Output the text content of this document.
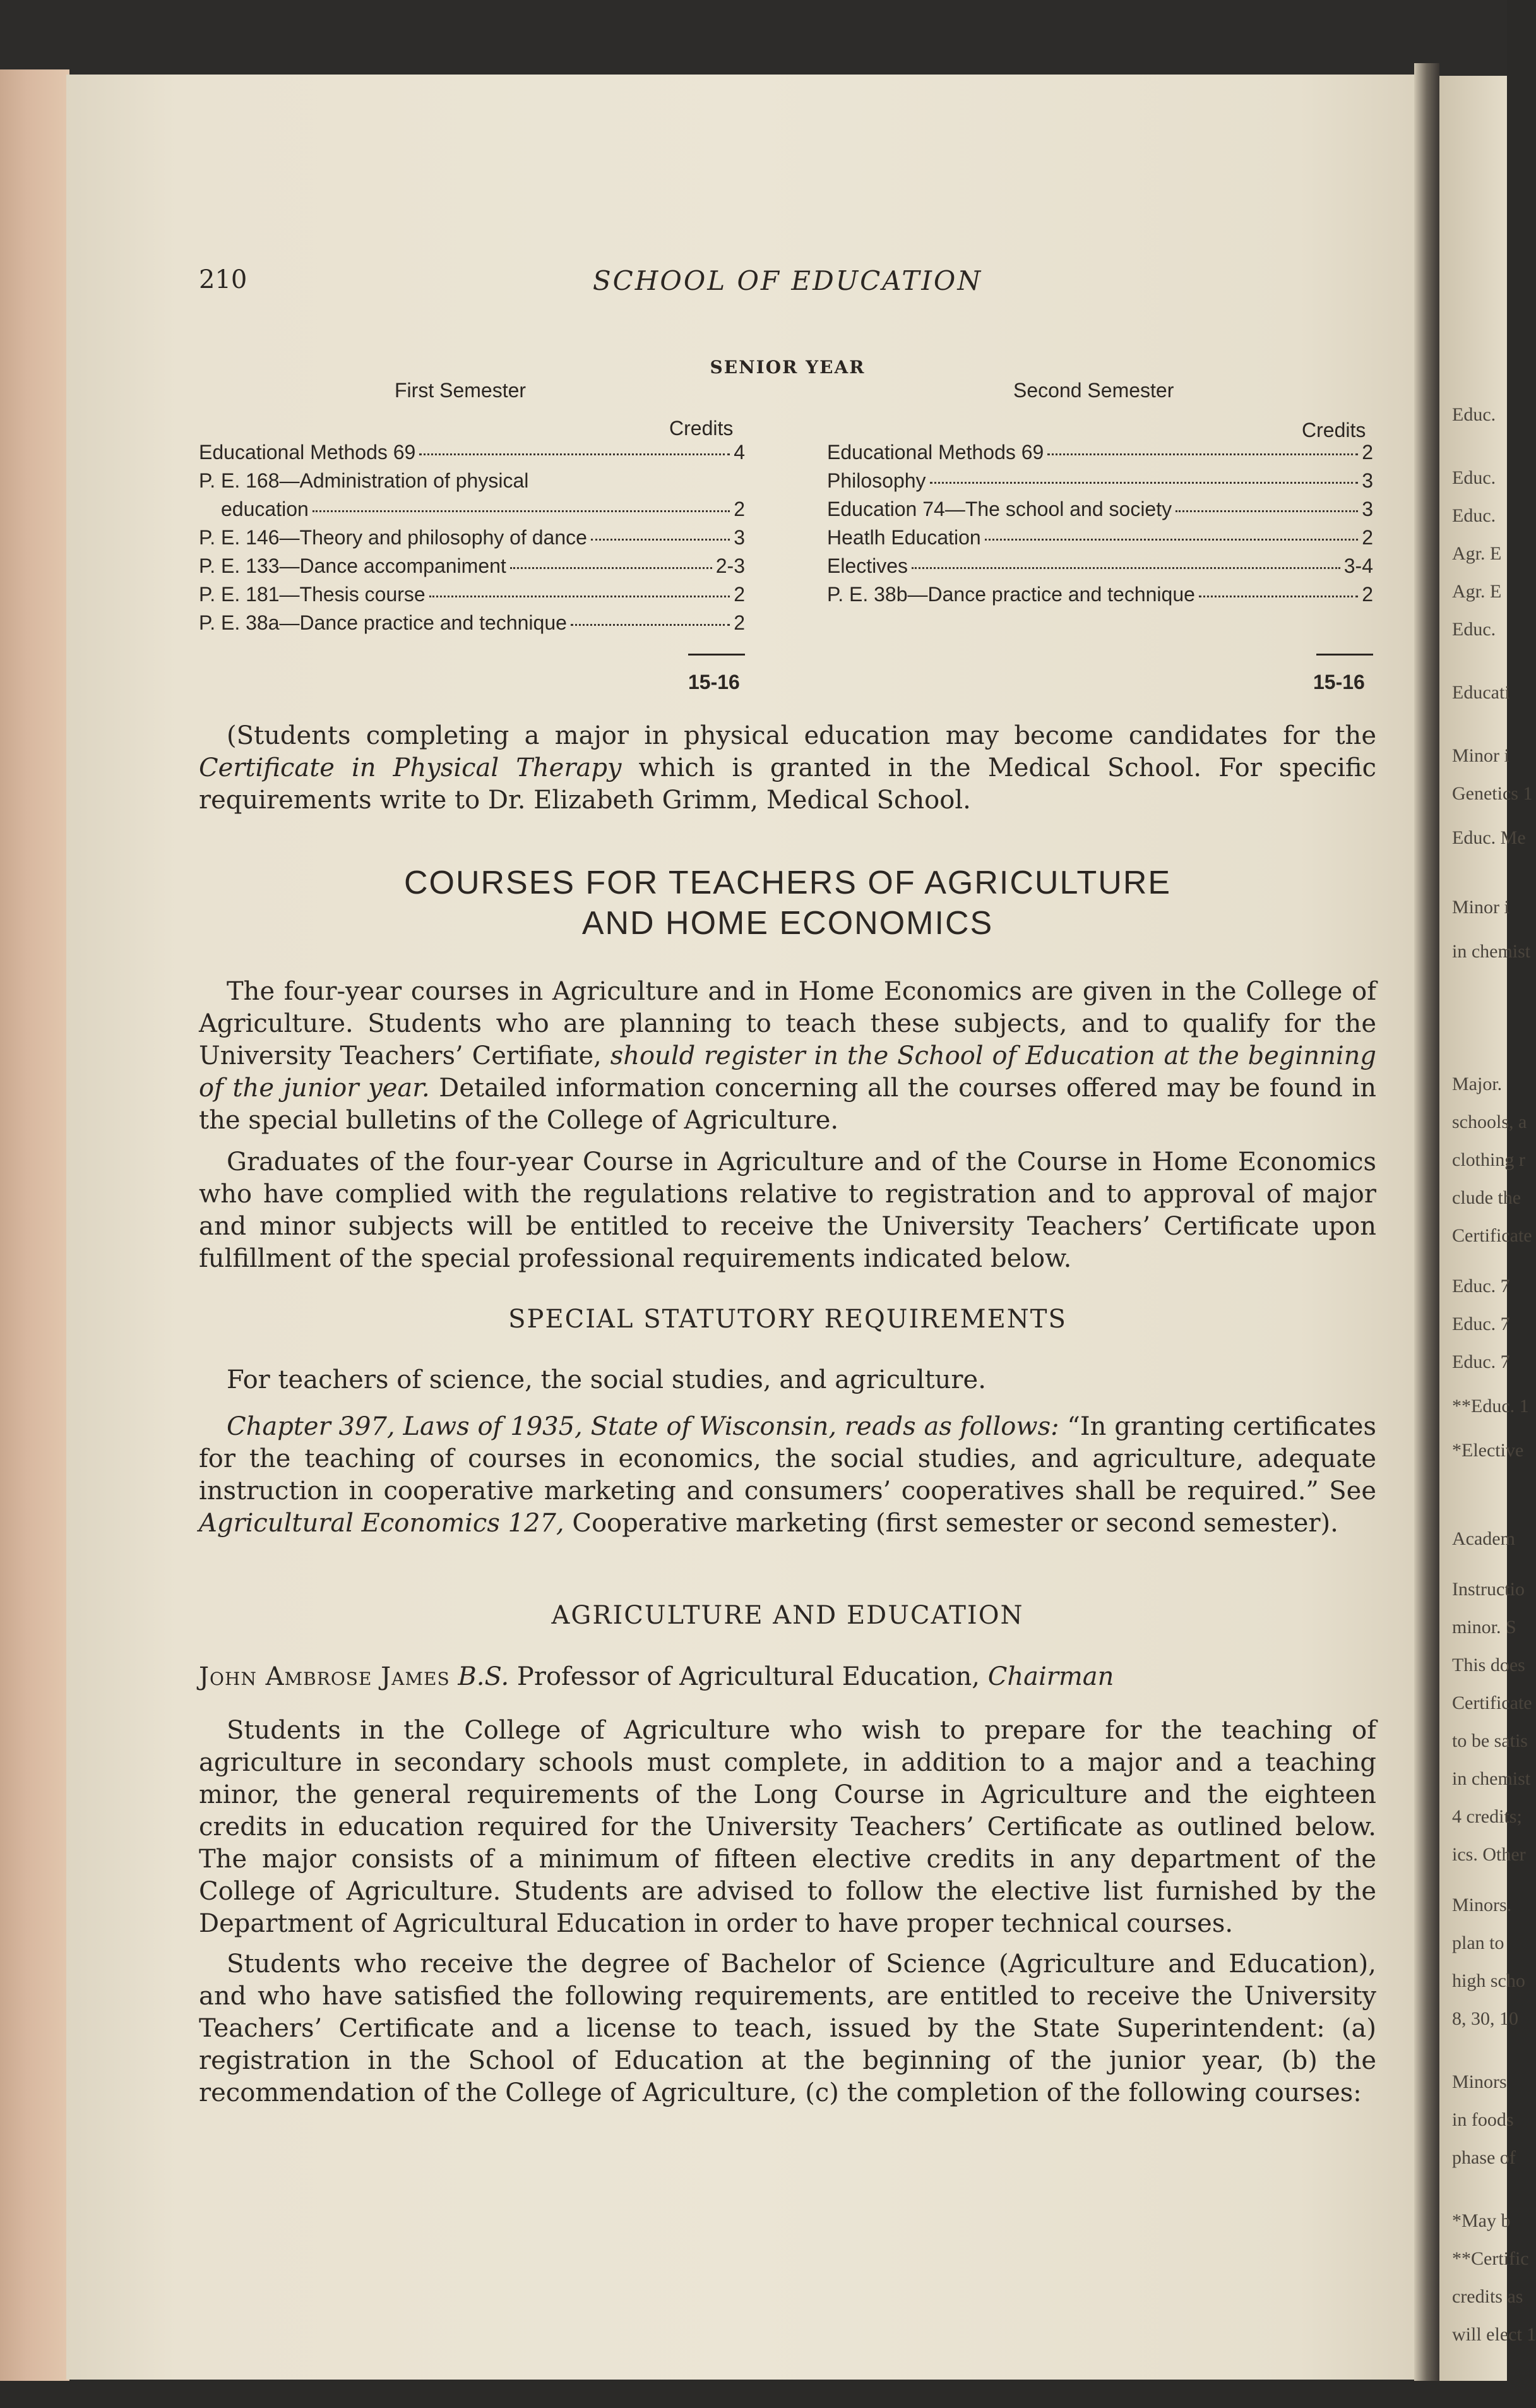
Educ.
Educ.
Educ.
Agr. E
Agr. E
Educ.
Educati
Minor i
Genetics 1
Educ. Me
Minor i
in chemist
Major.
schools, a
clothing r
clude the
Certificate
Educ. 7
Educ. 7
Educ. 7
**Educ. 1
*Elective
Academ
Instructio
minor. S
This does
Certificate
to be satis
in chemist
4 credits;
ics. Other
Minors.
plan to
high scho
8, 30, 10
Minors
in foods
phase of
*May b
**Certific
credits as
will elect 1
210	SCHOOL OF EDUCATION
SENIOR YEAR
First Semester	Second Semester
Credits	Credits
Educational Methods 69	4
P. E. 168—Administration of physical
education	2
P. E. 146—Theory and philosophy of dance	3
P. E. 133—Dance accompaniment	2-3
P. E. 181—Thesis course	2
P. E. 38a—Dance practice and technique	2
Educational Methods 69	2
Philosophy	3
Education 74—The school and society	3
Heatlh Education	2
Electives	3-4
P. E. 38b—Dance practice and technique	2
15-16	15-16
(Students completing a major in physical education may become candidates for the Certificate in Physical Therapy which is granted in the Medical School. For specific requirements write to Dr. Elizabeth Grimm, Medical School.
COURSES FOR TEACHERS OF AGRICULTURE
AND HOME ECONOMICS
The four-year courses in Agriculture and in Home Economics are given in the College of Agriculture. Students who are planning to teach these subjects, and to qualify for the University Teachers’ Certifiate, should register in the School of Education at the beginning of the junior year. Detailed information concerning all the courses offered may be found in the special bulletins of the College of Agriculture.
Graduates of the four-year Course in Agriculture and of the Course in Home Economics who have complied with the regulations relative to registration and to approval of major and minor subjects will be entitled to receive the University Teachers’ Certificate upon fulfillment of the special professional requirements indicated below.
SPECIAL STATUTORY REQUIREMENTS
For teachers of science, the social studies, and agriculture.
Chapter 397, Laws of 1935, State of Wisconsin, reads as follows: “In granting certificates for the teaching of courses in economics, the social studies, and agriculture, adequate instruction in cooperative marketing and consumers’ cooperatives shall be required.” See Agricultural Economics 127, Cooperative marketing (first semester or second semester).
AGRICULTURE AND EDUCATION
John Ambrose James B.S. Professor of Agricultural Education, Chairman
Students in the College of Agriculture who wish to prepare for the teaching of agriculture in secondary schools must complete, in addition to a major and a teaching minor, the general requirements of the Long Course in Agriculture and the eighteen credits in education required for the University Teachers’ Certificate as outlined below. The major consists of a minimum of fifteen elective credits in any department of the College of Agriculture. Students are advised to follow the elective list furnished by the Department of Agricultural Education in order to have proper technical courses.
Students who receive the degree of Bachelor of Science (Agriculture and Education), and who have satisfied the following requirements, are entitled to receive the University Teachers’ Certificate and a license to teach, issued by the State Superintendent: (a) registration in the School of Education at the beginning of the junior year, (b) the recommendation of the College of Agriculture, (c) the completion of the following courses:
